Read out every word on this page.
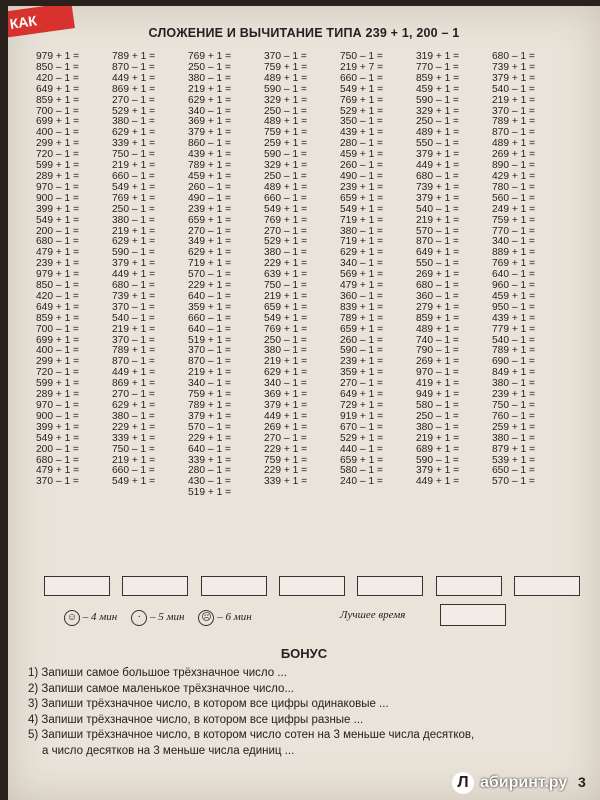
КАК
СЛОЖЕНИЕ И ВЫЧИТАНИЕ ТИПА 239 + 1, 200 – 1
979 + 1 =
850 – 1 =
420 – 1 =
649 + 1 =
859 + 1 =
700 – 1 =
699 + 1 =
400 – 1 =
299 + 1 =
720 – 1 =
599 + 1 =
289 + 1 =
970 – 1 =
900 – 1 =
399 + 1 =
549 + 1 =
200 – 1 =
680 – 1 =
479 + 1 =
239 + 1 =
979 + 1 =
850 – 1 =
420 – 1 =
649 + 1 =
859 + 1 =
700 – 1 =
699 + 1 =
400 – 1 =
299 + 1 =
720 – 1 =
599 + 1 =
289 + 1 =
970 – 1 =
900 – 1 =
399 + 1 =
549 + 1 =
200 – 1 =
680 – 1 =
479 + 1 =
370 – 1 =
789 + 1 =
870 – 1 =
449 + 1 =
869 + 1 =
270 – 1 =
529 + 1 =
380 – 1 =
629 + 1 =
339 + 1 =
750 – 1 =
219 + 1 =
660 – 1 =
549 + 1 =
769 + 1 =
250 – 1 =
380 – 1 =
219 + 1 =
629 + 1 =
590 – 1 =
379 + 1 =
449 + 1 =
680 – 1 =
739 + 1 =
370 – 1 =
540 – 1 =
219 + 1 =
370 – 1 =
789 + 1 =
870 – 1 =
449 + 1 =
869 + 1 =
270 – 1 =
629 + 1 =
380 – 1 =
229 + 1 =
339 + 1 =
750 – 1 =
219 + 1 =
660 – 1 =
549 + 1 =
769 + 1 =
250 – 1 =
380 – 1 =
219 + 1 =
629 + 1 =
340 – 1 =
369 + 1 =
379 + 1 =
860 – 1 =
439 + 1 =
789 + 1 =
459 + 1 =
260 – 1 =
490 – 1 =
239 + 1 =
659 + 1 =
270 – 1 =
349 + 1 =
629 + 1 =
719 + 1 =
570 – 1 =
229 + 1 =
640 – 1 =
359 + 1 =
660 – 1 =
640 – 1 =
519 + 1 =
370 – 1 =
870 – 1 =
219 + 1 =
340 – 1 =
759 + 1 =
789 + 1 =
379 + 1 =
570 – 1 =
229 + 1 =
640 – 1 =
339 + 1 =
280 – 1 =
430 – 1 =
519 + 1 =
370 – 1 =
759 + 1 =
489 + 1 =
590 – 1 =
329 + 1 =
250 – 1 =
489 + 1 =
759 + 1 =
259 + 1 =
590 – 1 =
329 + 1 =
250 – 1 =
489 + 1 =
660 – 1 =
549 + 1 =
769 + 1 =
270 – 1 =
529 + 1 =
380 – 1 =
229 + 1 =
639 + 1 =
750 – 1 =
219 + 1 =
659 + 1 =
549 + 1 =
769 + 1 =
250 – 1 =
380 – 1 =
219 + 1 =
629 + 1 =
340 – 1 =
369 + 1 =
379 + 1 =
449 + 1 =
269 + 1 =
270 – 1 =
229 + 1 =
759 + 1 =
229 + 1 =
339 + 1 =
750 – 1 =
219 + 7 =
660 – 1 =
549 + 1 =
769 + 1 =
529 + 1 =
350 – 1 =
439 + 1 =
280 – 1 =
459 + 1 =
260 – 1 =
490 – 1 =
239 + 1 =
659 + 1 =
549 + 1 =
719 + 1 =
380 – 1 =
719 + 1 =
629 + 1 =
340 – 1 =
569 + 1 =
479 + 1 =
360 – 1 =
839 + 1 =
789 + 1 =
659 + 1 =
260 – 1 =
590 – 1 =
239 + 1 =
359 + 1 =
270 – 1 =
649 + 1 =
729 + 1 =
919 + 1 =
670 – 1 =
529 + 1 =
440 – 1 =
659 + 1 =
580 – 1 =
240 – 1 =
319 + 1 =
770 – 1 =
859 + 1 =
459 + 1 =
590 – 1 =
329 + 1 =
250 – 1 =
489 + 1 =
550 – 1 =
379 + 1 =
449 + 1 =
680 – 1 =
739 + 1 =
379 + 1 =
540 – 1 =
219 + 1 =
570 – 1 =
870 – 1 =
649 + 1 =
550 – 1 =
269 + 1 =
680 – 1 =
360 – 1 =
279 + 1 =
859 + 1 =
489 + 1 =
740 – 1 =
790 – 1 =
269 + 1 =
970 – 1 =
419 + 1 =
949 + 1 =
580 – 1 =
250 – 1 =
380 – 1 =
219 + 1 =
689 + 1 =
590 – 1 =
379 + 1 =
449 + 1 =
680 – 1 =
739 + 1 =
379 + 1 =
540 – 1 =
219 + 1 =
370 – 1 =
789 + 1 =
870 – 1 =
489 + 1 =
269 + 1 =
890 – 1 =
429 + 1 =
780 – 1 =
560 – 1 =
249 + 1 =
759 + 1 =
770 – 1 =
340 – 1 =
889 + 1 =
769 + 1 =
640 – 1 =
960 – 1 =
459 + 1 =
950 – 1 =
439 + 1 =
779 + 1 =
540 – 1 =
789 + 1 =
690 – 1 =
849 + 1 =
380 – 1 =
239 + 1 =
750 – 1 =
760 – 1 =
259 + 1 =
380 – 1 =
879 + 1 =
539 + 1 =
650 – 1 =
570 – 1 =
☺ – 4 мин	· – 5 мин ☹ – 6 мин	Лучшее время
БОНУС
1) Запиши самое большое трёхзначное число ...
2) Запиши самое маленькое трёхзначное число...
3) Запиши трёхзначное число, в котором все цифры одинаковые ...
4) Запиши трёхзначное число, в котором все цифры разные ...
5) Запиши трёхзначное число, в котором число сотен на 3 меньше числа десятков,
а число десятков на 3 меньше числа единиц ...
3
Л абиринт.ру
